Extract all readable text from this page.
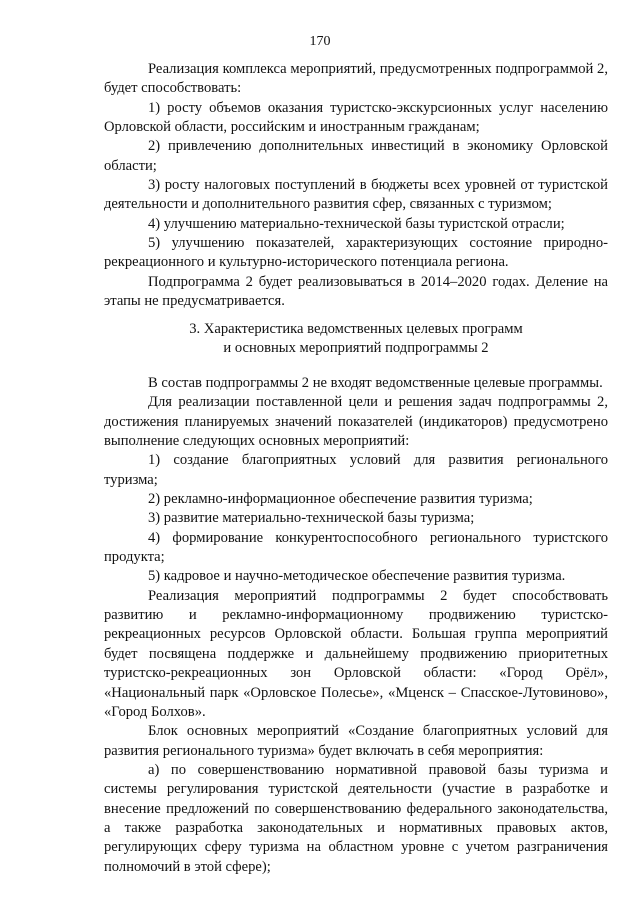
170

Реализация комплекса мероприятий, предусмотренных подпрограммой 2, будет способствовать:

1) росту объемов оказания туристско-экскурсионных услуг населению Орловской области, российским и иностранным гражданам;

2) привлечению дополнительных инвестиций в экономику Орловской области;

3) росту налоговых поступлений в бюджеты всех уровней от туристской деятельности и дополнительного развития сфер, связанных с туризмом;

4) улучшению материально-технической базы туристской отрасли;

5) улучшению показателей, характеризующих состояние природно-рекреационного и культурно-исторического потенциала региона.

Подпрограмма 2 будет реализовываться в 2014–2020 годах. Деление на этапы не предусматривается.

3. Характеристика ведомственных целевых программ
и основных мероприятий подпрограммы 2

В состав подпрограммы 2 не входят ведомственные целевые программы.

Для реализации поставленной цели и решения задач подпрограммы 2, достижения планируемых значений показателей (индикаторов) предусмотрено выполнение следующих основных мероприятий:

1) создание благоприятных условий для развития регионального туризма;

2) рекламно-информационное обеспечение развития туризма;

3) развитие материально-технической базы туризма;

4) формирование конкурентоспособного регионального туристского продукта;

5) кадровое и научно-методическое обеспечение развития туризма.

Реализация мероприятий подпрограммы 2 будет способствовать развитию и рекламно-информационному продвижению туристско-рекреационных ресурсов Орловской области. Большая группа мероприятий будет посвящена поддержке и дальнейшему продвижению приоритетных туристско-рекреационных зон Орловской области: «Город Орёл», «Национальный парк «Орловское Полесье», «Мценск – Спасское-Лутовиново», «Город Болхов».

Блок основных мероприятий «Создание благоприятных условий для развития регионального туризма» будет включать в себя мероприятия:

а) по совершенствованию нормативной правовой базы туризма и системы регулирования туристской деятельности (участие в разработке и внесение предложений по совершенствованию федерального законодательства, а также разработка законодательных и нормативных правовых актов, регулирующих сферу туризма на областном уровне с учетом разграничения полномочий в этой сфере);
